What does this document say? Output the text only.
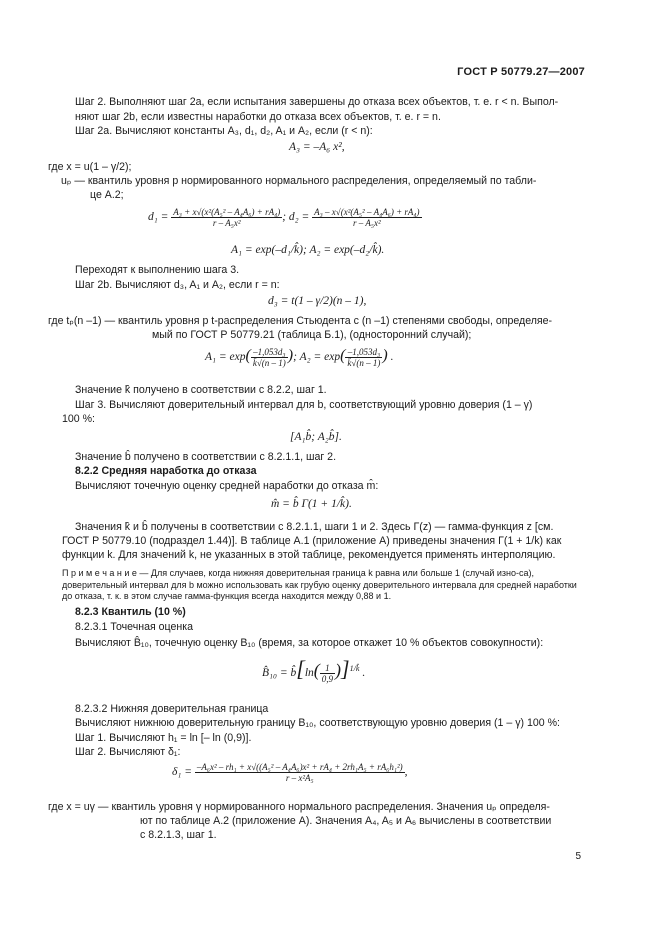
ГОСТ Р 50779.27—2007
Шаг 2. Выполняют шаг 2a, если испытания завершены до отказа всех объектов, т. е. r < n. Выпол-
няют шаг 2b, если известны наработки до отказа всех объектов, т. е. r = n.
Шаг 2a. Вычисляют константы A₃, d₁, d₂, A₁ и A₂, если (r < n):
A₃ = –A₆ x²,
где x = u(1 – γ/2);
uₚ — квантиль уровня p нормированного нормального распределения, определяемый по табли-
це А.2;
$d_1 = \frac{\text{A₃ + x√(x²(A₅² – A₄A₆) + rA₄)}}{\text{r – A₅x²}}$ ; $d_2 = \frac{\text{A₃ – x√(x²(A₅² – A₄A₆) + rA₄)}}{\text{r – A₅x²}}$
A₁ = exp(–d₁/k̂); A₂ = exp(–d₂/k̂).
Переходят к выполнению шага 3.
Шаг 2b. Вычисляют d₃, A₁ и A₂, если r = n:
d₃ = t(1 – γ/2)(n – 1),
где tₚ(n –1) — квантиль уровня p t-распределения Стьюдента с (n –1) степенями свободы, определяе-
мый по ГОСТ Р 50779.21 (таблица Б.1), (односторонний случай);
$A_1 = \exp( \frac{\text{–1,053d₃}}{k̂√(n - 1)}$ ); $A_2 = \exp( \frac{\text{–1,053d₃}}{k̂√(n - 1)}$ ) .
Значение k̂ получено в соответствии с 8.2.2, шаг 1.
Шаг 3. Вычисляют доверительный интервал для b, соответствующий уровню доверия (1 – γ)
100 %:
[A₁b̂; A₂b̂].
Значение b̂ получено в соответствии с 8.2.1.1, шаг 2.
8.2.2 Средняя наработка до отказа
Вычисляют точечную оценку средней наработки до отказа m̂:
m̂ = b̂ Γ(1 + 1/k̂).
Значения k̂ и b̂ получены в соответствии с 8.2.1.1, шаги 1 и 2. Здесь Γ(z) — гамма-функция z [см.
ГОСТ Р 50779.10 (подраздел 1.44)]. В таблице А.1 (приложение А) приведены значения Γ(1 + 1/k) как
функции k. Для значений k, не указанных в этой таблице, рекомендуется применять интерполяцию.
П р и м е ч а н и е — Для случаев, когда нижняя доверительная граница k равна или больше 1 (случай изно-са), доверительный интервал для b можно использовать как грубую оценку доверительного интервала для средней наработки до отказа, т. к. в этом случае гамма-функция всегда находится между 0,88 и 1.
8.2.3 Квантиль (10 %)
8.2.3.1 Точечная оценка
Вычисляют B̂₁₀, точечную оценку B₁₀ (время, за которое откажет 10 % объектов совокупности):
B̂₁₀ = b̂[ln( $\frac{1}{0,9} )]^{1/k̂}$ .
8.2.3.2 Нижняя доверительная граница
Вычисляют нижнюю доверительную границу B₁₀, соответствующую уровню доверия (1 – γ) 100 %:
Шаг 1. Вычисляют h₁ = ln [– ln (0,9)].
Шаг 2. Вычисляют δ₁:
$\delta_1 = \frac{\text{–A₆x² – rh₁ + x√((A₅² – A₄A₆)x² + rA₄ + 2rh₁A₅ + rA₆h₁²)}}{\text{r – x²A₅}}$ ,
где x = uγ — квантиль уровня γ нормированного нормального распределения. Значения uₚ определя-
ют по таблице А.2 (приложение А). Значения A₄, A₅ и A₆ вычислены в соответствии
с 8.2.1.3, шаг 1.
5
